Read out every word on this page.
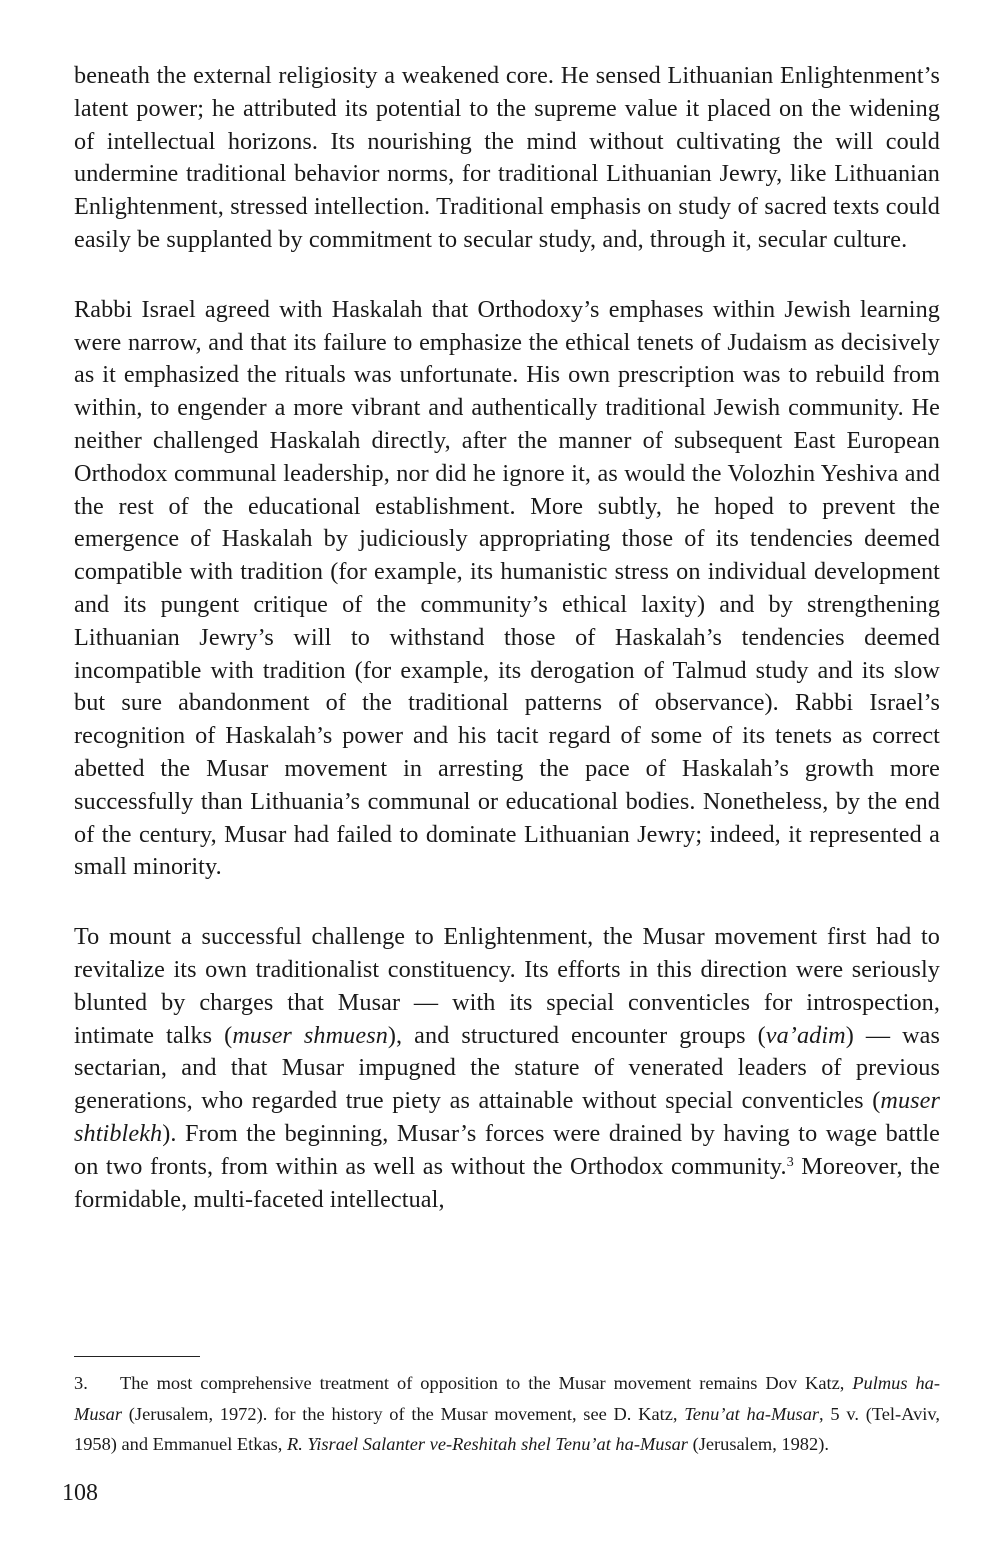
beneath the external religiosity a weakened core. He sensed Lithuanian Enlightenment’s latent power; he attributed its potential to the supreme value it placed on the widening of intellectual horizons. Its nourishing the mind without cultivating the will could undermine traditional behavior norms, for traditional Lithuanian Jewry, like Lithuanian Enlightenment, stressed intellection. Traditional emphasis on study of sacred texts could easily be supplanted by commitment to secular study, and, through it, secular culture.

Rabbi Israel agreed with Haskalah that Orthodoxy’s emphases within Jewish learning were narrow, and that its failure to emphasize the ethical tenets of Judaism as decisively as it emphasized the rituals was unfortunate. His own prescription was to rebuild from within, to engender a more vibrant and authentically traditional Jewish community. He neither challenged Haskalah directly, after the manner of subsequent East European Orthodox communal leadership, nor did he ignore it, as would the Volozhin Yeshiva and the rest of the educational establishment. More subtly, he hoped to prevent the emergence of Haskalah by judiciously appropriating those of its tendencies deemed compatible with tradition (for example, its humanistic stress on individual development and its pungent critique of the community’s ethical laxity) and by strengthening Lithuanian Jewry’s will to withstand those of Haskalah’s tendencies deemed incompatible with tradition (for example, its derogation of Talmud study and its slow but sure abandonment of the traditional patterns of observance). Rabbi Israel’s recognition of Haskalah’s power and his tacit regard of some of its tenets as correct abetted the Musar movement in arresting the pace of Haskalah’s growth more successfully than Lithuania’s communal or educational bodies. Nonetheless, by the end of the century, Musar had failed to dominate Lithuanian Jewry; indeed, it represented a small minority.

To mount a successful challenge to Enlightenment, the Musar movement first had to revitalize its own traditionalist constituency. Its efforts in this direction were seriously blunted by charges that Musar — with its special conventicles for introspection, intimate talks (muser shmuesn), and structured encounter groups (va’adim) — was sectarian, and that Musar impugned the stature of venerated leaders of previous generations, who regarded true piety as attainable without special conventicles (muser shtiblekh). From the beginning, Musar’s forces were drained by having to wage battle on two fronts, from within as well as without the Orthodox community.$^3$ Moreover, the formidable, multi-faceted intellectual,

3. The most comprehensive treatment of opposition to the Musar movement remains Dov Katz, Pulmus ha-Musar (Jerusalem, 1972). for the history of the Musar movement, see D. Katz, Tenu’at ha-Musar, 5 v. (Tel-Aviv, 1958) and Emmanuel Etkas, R. Yisrael Salanter ve-Reshitah shel Tenu’at ha-Musar (Jerusalem, 1982).

108
